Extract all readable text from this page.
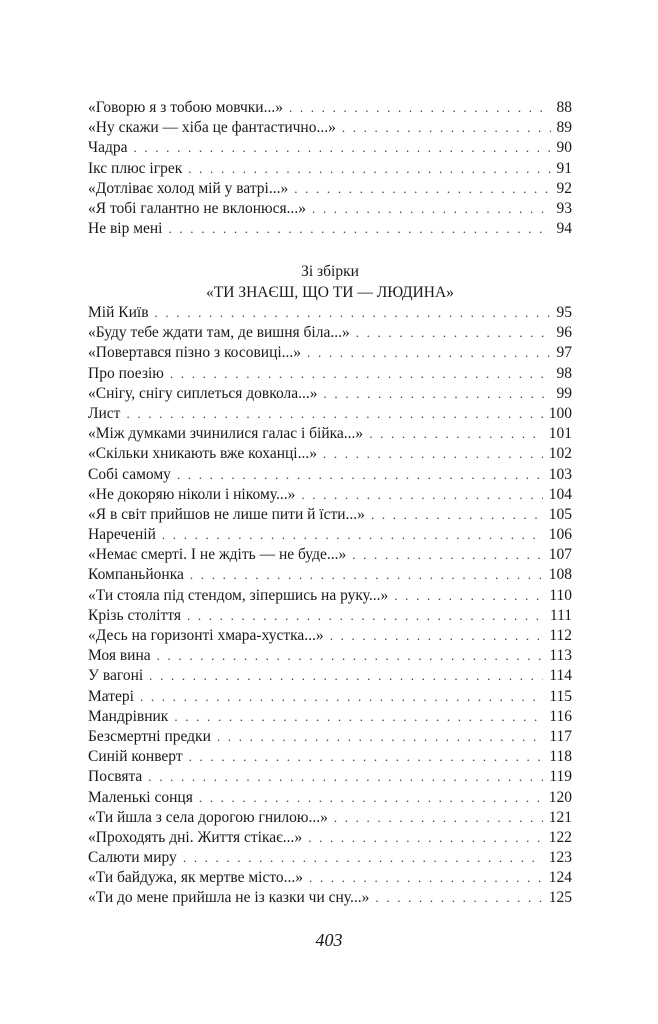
«Говорю я з тобою мовчки...» . . .	88
«Ну скажи — хіба це фантастично...» . . .	89
Чадра . . .	90
Ікс плюс ігрек . . .	91
«Дотліває холод мій у ватрі...» . . .	92
«Я тобі галантно не вклонюся...» . . .	93
Не вір мені . . .	94
Зі збірки
«ТИ ЗНАЄШ, ЩО ТИ — ЛЮДИНА»
Мій Київ . . .	95
«Буду тебе ждати там, де вишня біла...» . . .	96
«Повертався пізно з косовиці...» . . .	97
Про поезію . . .	98
«Снігу, снігу сиплеться довкола...» . . .	99
Лист . . .	100
«Між думками зчинилися галас і бійка...» . . .	101
«Скільки хникають вже коханці...» . . .	102
Собі самому . . .	103
«Не докоряю ніколи і нікому...» . . .	104
«Я в світ прийшов не лише пити й їсти...» . . .	105
Нареченій . . .	106
«Немає смерті. І не ждіть — не буде...» . . .	107
Компаньйонка . . .	108
«Ти стояла під стендом, зіпершись на руку...» . . .	110
Крізь століття . . .	111
«Десь на горизонті хмара-хустка...» . . .	112
Моя вина . . .	113
У вагоні . . .	114
Матері . . .	115
Мандрівник . . .	116
Безсмертні предки . . .	117
Синій конверт . . .	118
Посвята . . .	119
Маленькі сонця . . .	120
«Ти йшла з села дорогою гнилою...» . . .	121
«Проходять дні. Життя стікає...» . . .	122
Салюти миру . . .	123
«Ти байдужа, як мертве місто...» . . .	124
«Ти до мене прийшла не із казки чи сну...» . . .	125
403
